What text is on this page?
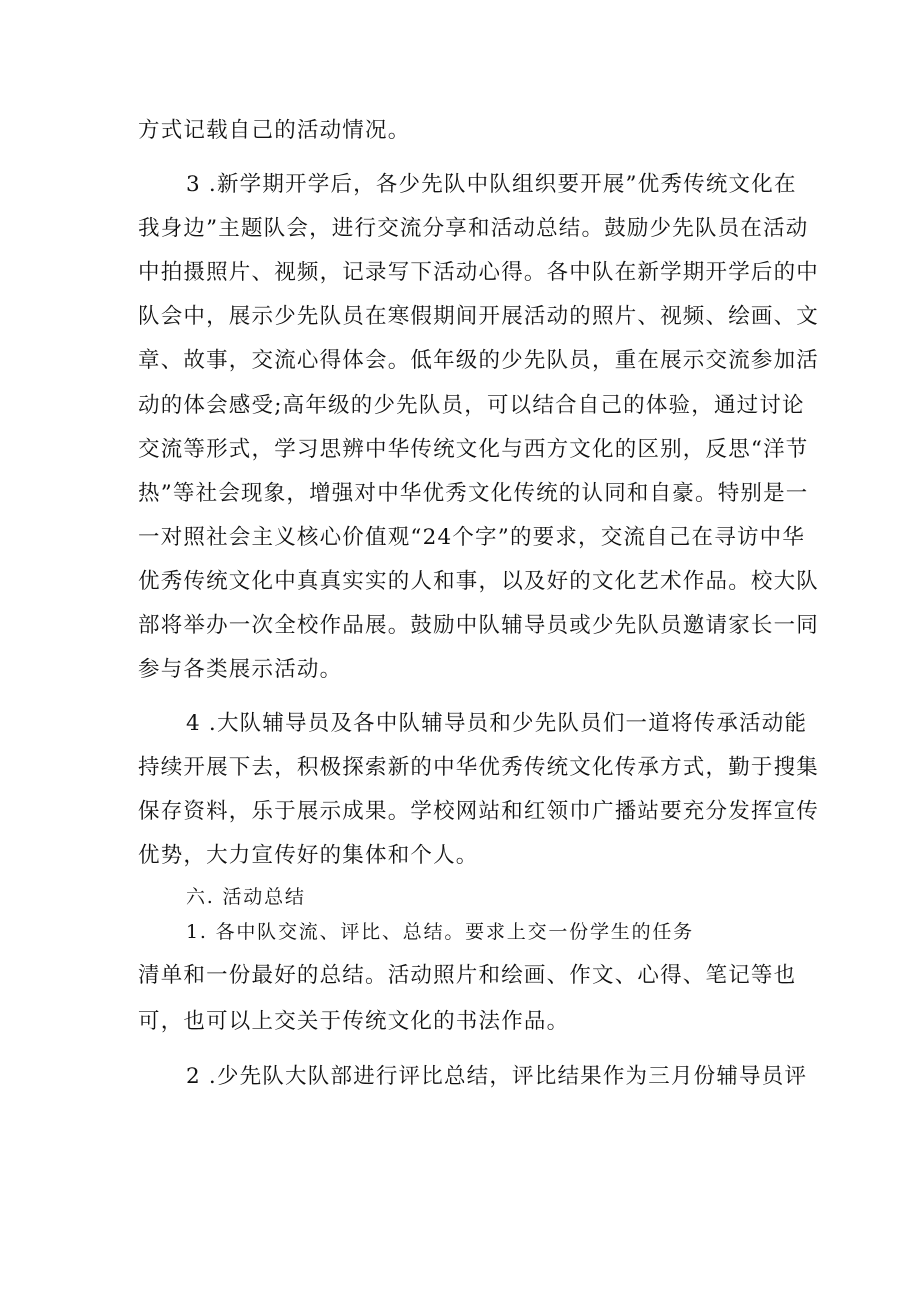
方式记载自己的活动情况。
3 .新学期开学后，各少先队中队组织要开展”优秀传统文化在
我身边”主题队会，进行交流分享和活动总结。鼓励少先队员在活动
中拍摄照片、视频，记录写下活动心得。各中队在新学期开学后的中
队会中，展示少先队员在寒假期间开展活动的照片、视频、绘画、文
章、故事，交流心得体会。低年级的少先队员，重在展示交流参加活
动的体会感受;高年级的少先队员，可以结合自己的体验，通过讨论
交流等形式，学习思辨中华传统文化与西方文化的区别，反思“洋节
热”等社会现象，增强对中华优秀文化传统的认同和自豪。特别是一
一对照社会主义核心价值观“24个字”的要求，交流自己在寻访中华
优秀传统文化中真真实实的人和事，以及好的文化艺术作品。校大队
部将举办一次全校作品展。鼓励中队辅导员或少先队员邀请家长一同
参与各类展示活动。
4 .大队辅导员及各中队辅导员和少先队员们一道将传承活动能
持续开展下去，积极探索新的中华优秀传统文化传承方式，勤于搜集
保存资料，乐于展示成果。学校网站和红领巾广播站要充分发挥宣传
优势，大力宣传好的集体和个人。
六. 活动总结
1. 各中队交流、评比、总结。要求上交一份学生的任务
清单和一份最好的总结。活动照片和绘画、作文、心得、笔记等也
可，也可以上交关于传统文化的书法作品。
2 .少先队大队部进行评比总结，评比结果作为三月份辅导员评
